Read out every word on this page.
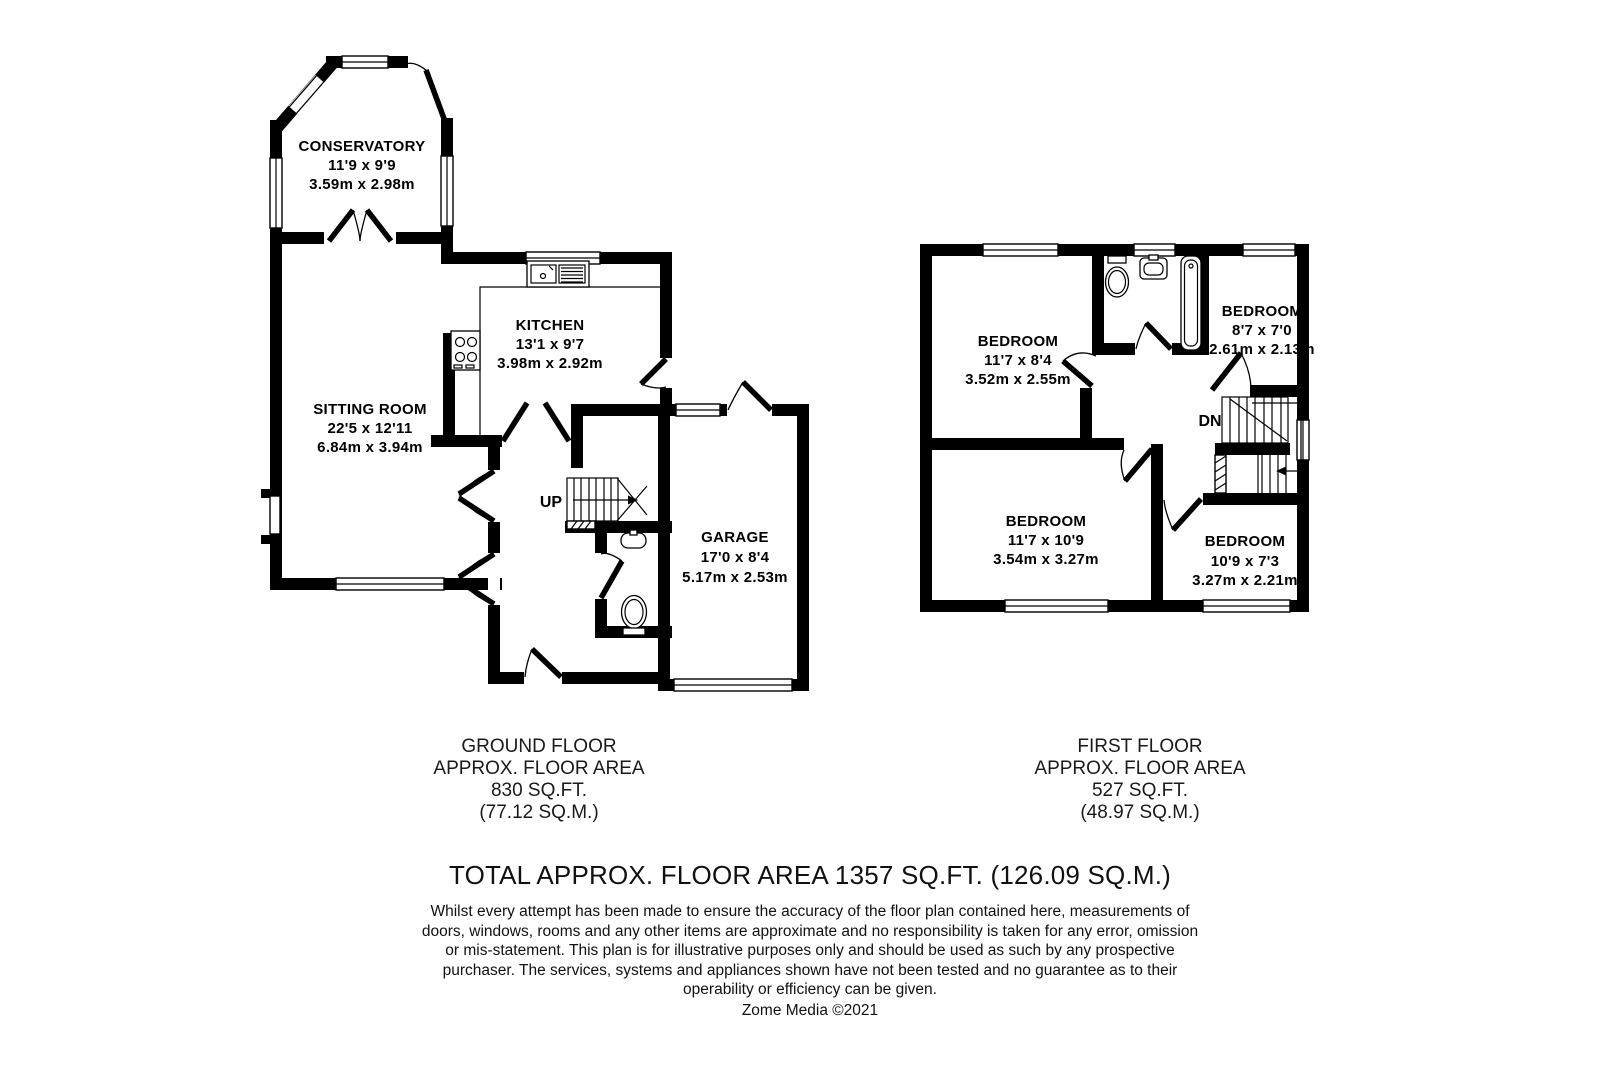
CONSERVATORY
11'9 x 9'9
3.59m x 2.98m
KITCHEN
13'1 x 9'7
3.98m x 2.92m
SITTING ROOM
22'5 x 12'11
6.84m x 3.94m
GARAGE
17'0 x 8'4
5.17m x 2.53m
UP
BEDROOM
11'7 x 8'4
3.52m x 2.55m
BEDROOM
8'7 x 7'0
2.61m x 2.13m
BEDROOM
11'7 x 10'9
3.54m x 3.27m
BEDROOM
10'9 x 7'3
3.27m x 2.21m
DN
GROUND FLOOR
APPROX. FLOOR AREA
830 SQ.FT.
(77.12 SQ.M.)
FIRST FLOOR
APPROX. FLOOR AREA
527 SQ.FT.
(48.97 SQ.M.)
TOTAL APPROX. FLOOR AREA 1357 SQ.FT. (126.09 SQ.M.)
Whilst every attempt has been made to ensure the accuracy of the floor plan contained here, measurements of doors, windows, rooms and any other items are approximate and no responsibility is taken for any error, omission or mis-statement. This plan is for illustrative purposes only and should be used as such by any prospective purchaser. The services, systems and appliances shown have not been tested and no guarantee as to their operability or efficiency can be given.
Zome Media ©2021
